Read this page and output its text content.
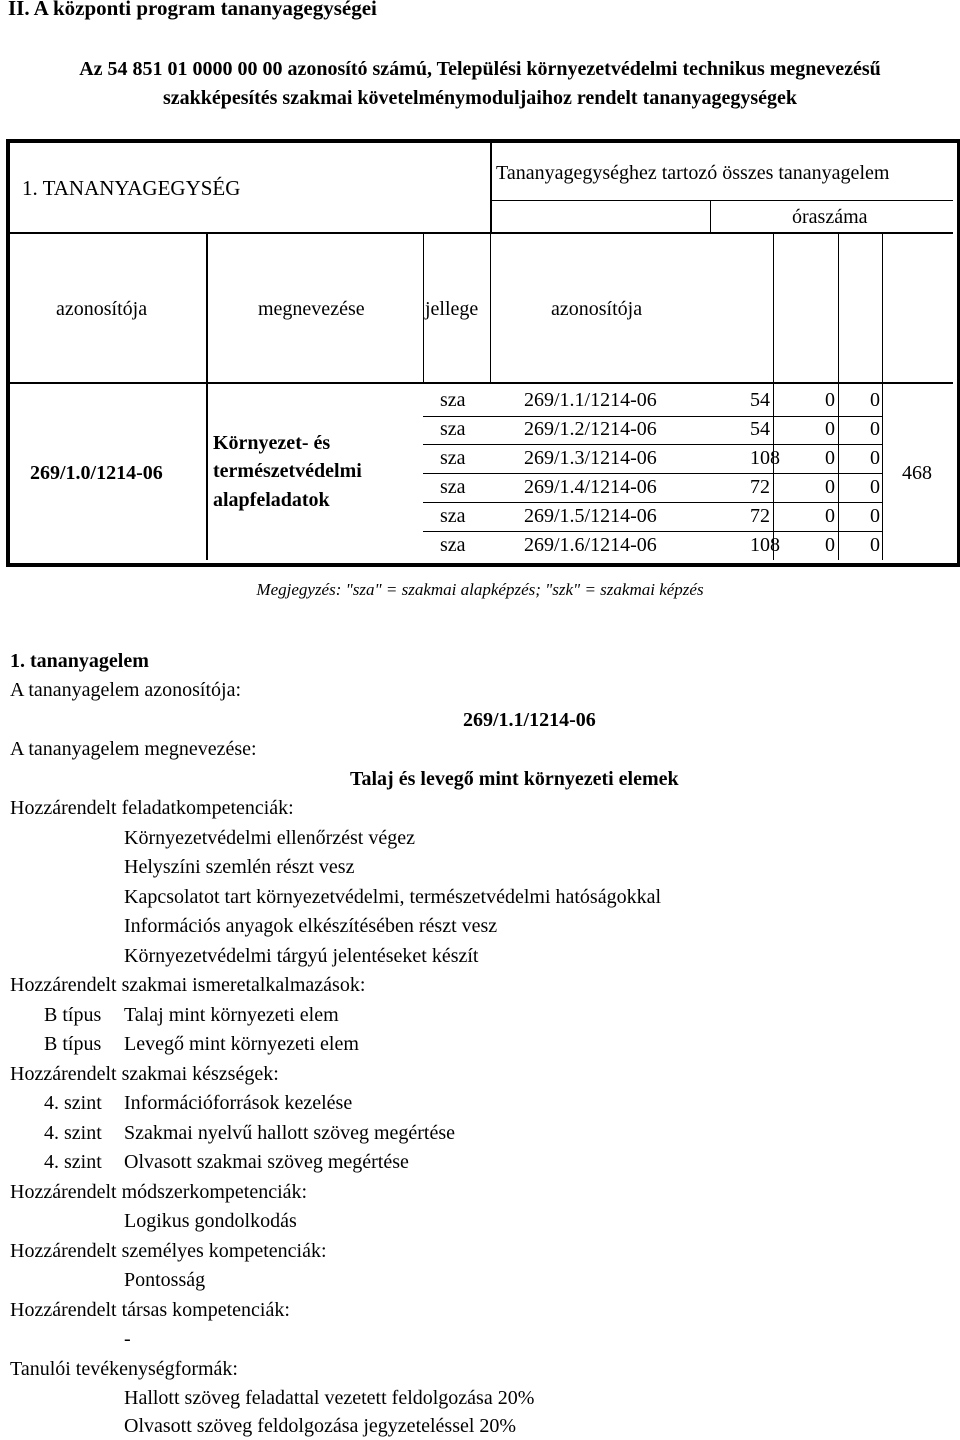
II. A központi program tananyagegységei
Az 54 851 01 0000 00 00 azonosító számú, Települési környezetvédelmi technikus megnevezésű
szakképesítés szakmai követelménymoduljaihoz rendelt tananyagegységek
1. TANANYAGEGYSÉG
Tananyagegységhez tartozó összes tananyagelem
óraszáma
azonosítója	megnevezése	jellege	azonosítója
269/1.0/1214-06
Környezet- és
természetvédelmi
alapfeladatok
sza	269/1.1/1214-06	54	0	0
sza	269/1.2/1214-06	54	0	0
sza	269/1.3/1214-06	108	0	0
sza	269/1.4/1214-06	72	0	0
sza	269/1.5/1214-06	72	0	0
sza	269/1.6/1214-06	108	0	0
468
Megjegyzés: "sza" = szakmai alapképzés; "szk" = szakmai képzés
1. tananyagelem
A tananyagelem azonosítója:
269/1.1/1214-06
A tananyagelem megnevezése:
Talaj és levegő mint környezeti elemek
Hozzárendelt feladatkompetenciák:
Környezetvédelmi ellenőrzést végez
Helyszíni szemlén részt vesz
Kapcsolatot tart környezetvédelmi, természetvédelmi hatóságokkal
Információs anyagok elkészítésében részt vesz
Környezetvédelmi tárgyú jelentéseket készít
Hozzárendelt szakmai ismeretalkalmazások:
B típus Talaj mint környezeti elem
B típus Levegő mint környezeti elem
Hozzárendelt szakmai készségek:
4. szint Információforrások kezelése
4. szint Szakmai nyelvű hallott szöveg megértése
4. szint Olvasott szakmai szöveg megértése
Hozzárendelt módszerkompetenciák:
Logikus gondolkodás
Hozzárendelt személyes kompetenciák:
Pontosság
Hozzárendelt társas kompetenciák:
-
Tanulói tevékenységformák:
Hallott szöveg feladattal vezetett feldolgozása 20%
Olvasott szöveg feldolgozása jegyzeteléssel 20%
